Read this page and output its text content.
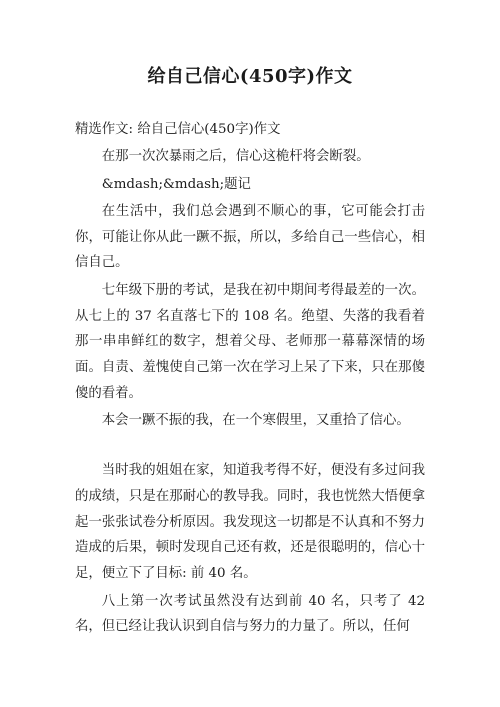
给自己信心(450字)作文

精选作文: 给自己信心(450字)作文

在那一次次暴雨之后，信心这桅杆将会断裂。

&mdash;&mdash;题记

在生活中，我们总会遇到不顺心的事，它可能会打击你，可能让你从此一蹶不振，所以，多给自己一些信心，相信自己。

七年级下册的考试，是我在初中期间考得最差的一次。从七上的 37 名直落七下的 108 名。绝望、失落的我看着那一串串鲜红的数字，想着父母、老师那一幕幕深情的场面。自责、羞愧使自己第一次在学习上呆了下来，只在那傻傻的看着。

本会一蹶不振的我，在一个寒假里，又重拾了信心。

当时我的姐姐在家，知道我考得不好，便没有多过问我的成绩，只是在那耐心的教导我。同时，我也恍然大悟便拿起一张张试卷分析原因。我发现这一切都是不认真和不努力造成的后果，顿时发现自己还有救，还是很聪明的，信心十足，便立下了目标: 前 40 名。

八上第一次考试虽然没有达到前 40 名，只考了 42 名，但已经让我认识到自信与努力的力量了。所以，任何
